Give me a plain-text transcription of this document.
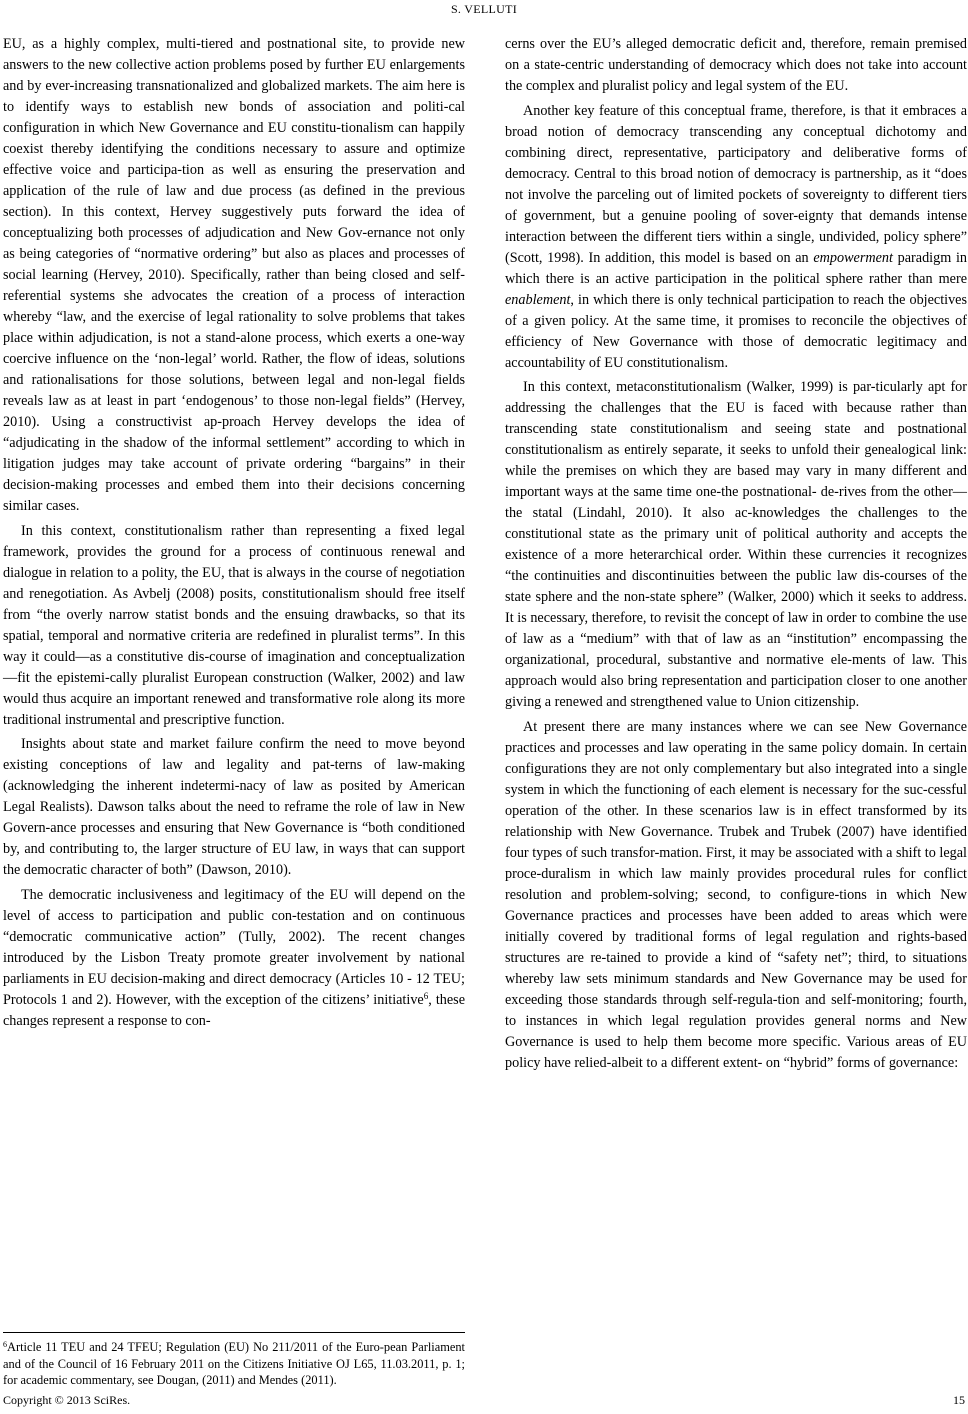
S. VELLUTI

EU, as a highly complex, multi-tiered and postnational site, to provide new answers to the new collective action problems posed by further EU enlargements and by ever-increasing transnationalized and globalized markets. The aim here is to identify ways to establish new bonds of association and politi-cal configuration in which New Governance and EU constitu-tionalism can happily coexist thereby identifying the conditions necessary to assure and optimize effective voice and participa-tion as well as ensuring the preservation and application of the rule of law and due process (as defined in the previous section). In this context, Hervey suggestively puts forward the idea of conceptualizing both processes of adjudication and New Gov-ernance not only as being categories of “normative ordering” but also as places and processes of social learning (Hervey, 2010). Specifically, rather than being closed and self-referential systems she advocates the creation of a process of interaction whereby “law, and the exercise of legal rationality to solve problems that takes place within adjudication, is not a stand-alone process, which exerts a one-way coercive influence on the ‘non-legal’ world. Rather, the flow of ideas, solutions and rationalisations for those solutions, between legal and non-legal fields reveals law as at least in part ‘endogenous’ to those non-legal fields” (Hervey, 2010). Using a constructivist ap-proach Hervey develops the idea of “adjudicating in the shadow of the informal settlement” according to which in litigation judges may take account of private ordering “bargains” in their decision-making processes and embed them into their decisions concerning similar cases.

In this context, constitutionalism rather than representing a fixed legal framework, provides the ground for a process of continuous renewal and dialogue in relation to a polity, the EU, that is always in the course of negotiation and renegotiation. As Avbelj (2008) posits, constitutionalism should free itself from “the overly narrow statist bonds and the ensuing drawbacks, so that its spatial, temporal and normative criteria are redefined in pluralist terms”. In this way it could—as a constitutive dis-course of imagination and conceptualization—fit the epistemi-cally pluralist European construction (Walker, 2002) and law would thus acquire an important renewed and transformative role along its more traditional instrumental and prescriptive function.

Insights about state and market failure confirm the need to move beyond existing conceptions of law and legality and pat-terns of law-making (acknowledging the inherent indetermi-nacy of law as posited by American Legal Realists). Dawson talks about the need to reframe the role of law in New Govern-ance processes and ensuring that New Governance is “both conditioned by, and contributing to, the larger structure of EU law, in ways that can support the democratic character of both” (Dawson, 2010).

The democratic inclusiveness and legitimacy of the EU will depend on the level of access to participation and public con-testation and on continuous “democratic communicative action” (Tully, 2002). The recent changes introduced by the Lisbon Treaty promote greater involvement by national parliaments in EU decision-making and direct democracy (Articles 10 - 12 TEU; Protocols 1 and 2). However, with the exception of the citizens’ initiative$^6$, these changes represent a response to con-

cerns over the EU’s alleged democratic deficit and, therefore, remain premised on a state-centric understanding of democracy which does not take into account the complex and pluralist policy and legal system of the EU.

Another key feature of this conceptual frame, therefore, is that it embraces a broad notion of democracy transcending any conceptual dichotomy and combining direct, representative, participatory and deliberative forms of democracy. Central to this broad notion of democracy is partnership, as it “does not involve the parceling out of limited pockets of sovereignty to different tiers of government, but a genuine pooling of sover-eignty that demands intense interaction between the different tiers within a single, undivided, policy sphere” (Scott, 1998). In addition, this model is based on an empowerment paradigm in which there is an active participation in the political sphere rather than mere enablement, in which there is only technical participation to reach the objectives of a given policy. At the same time, it promises to reconcile the objectives of efficiency of New Governance with those of democratic legitimacy and accountability of EU constitutionalism.

In this context, metaconstitutionalism (Walker, 1999) is par-ticularly apt for addressing the challenges that the EU is faced with because rather than transcending state constitutionalism and seeing state and postnational constitutionalism as entirely separate, it seeks to unfold their genealogical link: while the premises on which they are based may vary in many different and important ways at the same time one-the postnational- de-rives from the other—the statal (Lindahl, 2010). It also ac-knowledges the challenges to the constitutional state as the primary unit of political authority and accepts the existence of a more heterarchical order. Within these currencies it recognizes “the continuities and discontinuities between the public law dis-courses of the state sphere and the non-state sphere” (Walker, 2000) which it seeks to address. It is necessary, therefore, to revisit the concept of law in order to combine the use of law as a “medium” with that of law as an “institution” encompassing the organizational, procedural, substantive and normative ele-ments of law. This approach would also bring representation and participation closer to one another giving a renewed and strengthened value to Union citizenship.

At present there are many instances where we can see New Governance practices and processes and law operating in the same policy domain. In certain configurations they are not only complementary but also integrated into a single system in which the functioning of each element is necessary for the suc-cessful operation of the other. In these scenarios law is in effect transformed by its relationship with New Governance. Trubek and Trubek (2007) have identified four types of such transfor-mation. First, it may be associated with a shift to legal proce-duralism in which law mainly provides procedural rules for conflict resolution and problem-solving; second, to configure-tions in which New Governance practices and processes have been added to areas which were initially covered by traditional forms of legal regulation and rights-based structures are re-tained to provide a kind of “safety net”; third, to situations whereby law sets minimum standards and New Governance may be used for exceeding those standards through self-regula-tion and self-monitoring; fourth, to instances in which legal regulation provides general norms and New Governance is used to help them become more specific. Various areas of EU policy have relied-albeit to a different extent- on “hybrid” forms of governance:

$^6$Article 11 TEU and 24 TFEU; Regulation (EU) No 211/2011 of the Euro-pean Parliament and of the Council of 16 February 2011 on the Citizens Initiative OJ L65, 11.03.2011, p. 1; for academic commentary, see Dougan, (2011) and Mendes (2011).

Copyright © 2013 SciRes.	15
